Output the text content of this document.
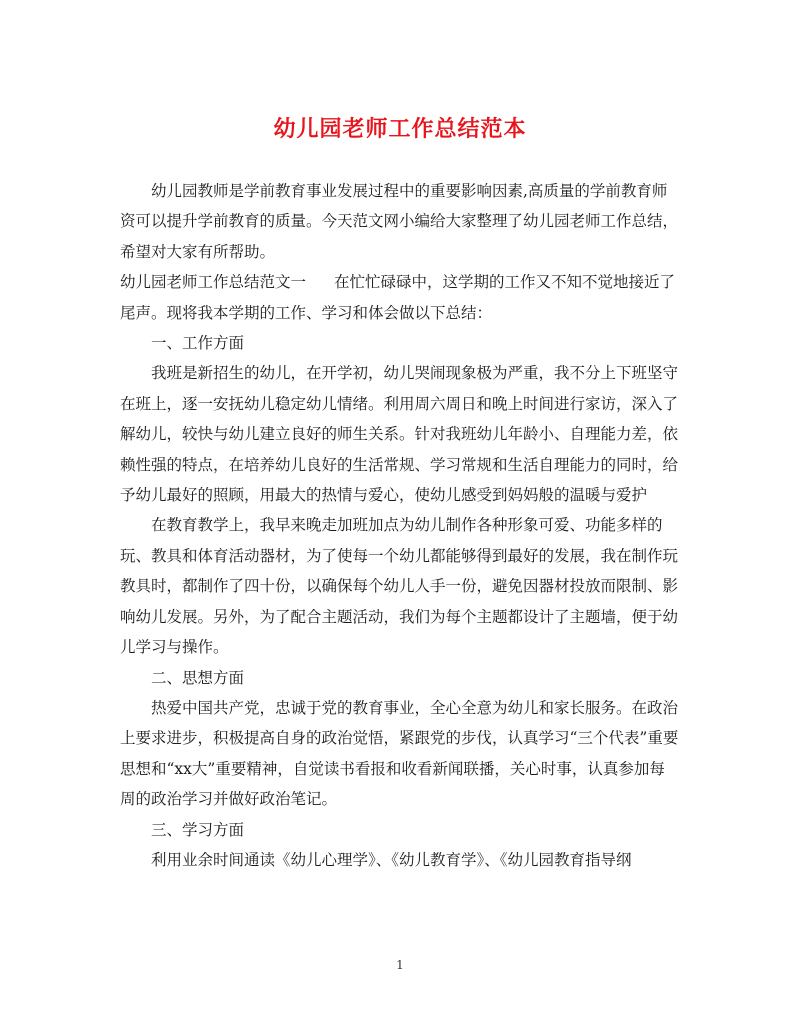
幼儿园老师工作总结范本

幼儿园教师是学前教育事业发展过程中的重要影响因素,高质量的学前教育师资可以提升学前教育的质量。今天范文网小编给大家整理了幼儿园老师工作总结，希望对大家有所帮助。

幼儿园老师工作总结范文一 在忙忙碌碌中，这学期的工作又不知不觉地接近了尾声。现将我本学期的工作、学习和体会做以下总结：

一、工作方面

我班是新招生的幼儿，在开学初，幼儿哭闹现象极为严重，我不分上下班坚守在班上，逐一安抚幼儿稳定幼儿情绪。利用周六周日和晚上时间进行家访，深入了解幼儿，较快与幼儿建立良好的师生关系。针对我班幼儿年龄小、自理能力差，依赖性强的特点，在培养幼儿良好的生活常规、学习常规和生活自理能力的同时，给予幼儿最好的照顾，用最大的热情与爱心，使幼儿感受到妈妈般的温暖与爱护

在教育教学上，我早来晚走加班加点为幼儿制作各种形象可爱、功能多样的玩、教具和体育活动器材，为了使每一个幼儿都能够得到最好的发展，我在制作玩教具时，都制作了四十份，以确保每个幼儿人手一份，避免因器材投放而限制、影响幼儿发展。另外，为了配合主题活动，我们为每个主题都设计了主题墙，便于幼儿学习与操作。

二、思想方面

热爱中国共产党，忠诚于党的教育事业，全心全意为幼儿和家长服务。在政治上要求进步，积极提高自身的政治觉悟，紧跟党的步伐，认真学习“三个代表”重要思想和“xx大”重要精神，自觉读书看报和收看新闻联播，关心时事，认真参加每周的政治学习并做好政治笔记。

三、学习方面

利用业余时间通读《幼儿心理学》、《幼儿教育学》、《幼儿园教育指导纲

1
